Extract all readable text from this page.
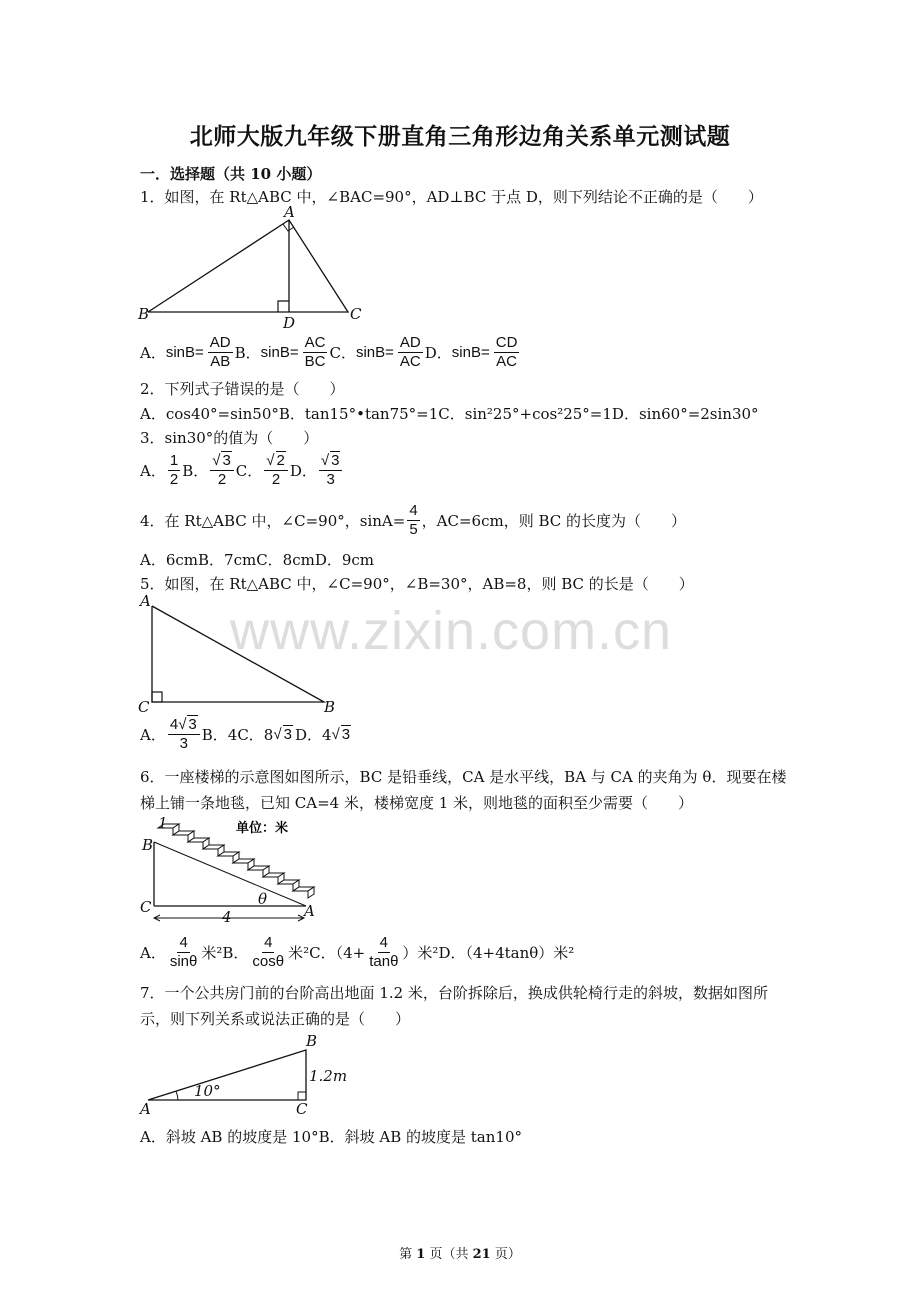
北师大版九年级下册直角三角形边角关系单元测试题
一．选择题（共 10 小题）
www.zixin.com.cn
1．如图，在 Rt△ABC 中，∠BAC=90°，AD⊥BC 于点 D，则下列结论不正确的是（　　）
A
B	D	C
A． $\sin B= \frac{AD}{AB}$ B． $\sin B= \frac{AC}{BC}$ C． $\sin B= \frac{AD}{AC}$ D． $\sin B= \frac{CD}{AC}$
2．下列式子错误的是（　　）
A．cos40°=sin50°B．tan15°•tan75°=1C．sin²25°+cos²25°=1D．sin60°=2sin30°
3．sin30°的值为（　　）
A． $\frac{1}{2}$ B． $\frac{√ 3}{2}$ C． $\frac{√ 2}{2}$ D． $\frac{√ 3}{3}$
4．在 Rt△ABC 中，∠C=90°，$\sin A= \frac{4}{5}$ ，AC=6cm，则 BC 的长度为（　　）
A．6cmB．7cmC．8cmD．9cm
5．如图，在 Rt△ABC 中，∠C=90°，∠B=30°，AB=8，则 BC 的长是（　　）
A
C	B
A． $\frac{4√ 3}{3}$ B．4C．8 √ 3 D．4 √ 3
6．一座楼梯的示意图如图所示，BC 是铅垂线，CA 是水平线，BA 与 CA 的夹角为 θ．现要在楼梯上铺一条地毯，已知 CA=4 米，楼梯宽度 1 米，则地毯的面积至少需要（　　）
单位：米
1
B
C
4
θ
A
A． $\frac{4}{\sin\theta}$ 米² B． $\frac{4}{\cos\theta}$ 米² C．（$4+ \frac{4}{\tan\theta}$ ）米² D．（4+4tanθ）米²
7．一个公共房门前的台阶高出地面 1.2 米，台阶拆除后，换成供轮椅行走的斜坡，数据如图所示，则下列关系或说法正确的是（　　）
B
1.2m
10°
A	C
A．斜坡 AB 的坡度是 10°B．斜坡 AB 的坡度是 tan10°
第 1 页（共 21 页）
